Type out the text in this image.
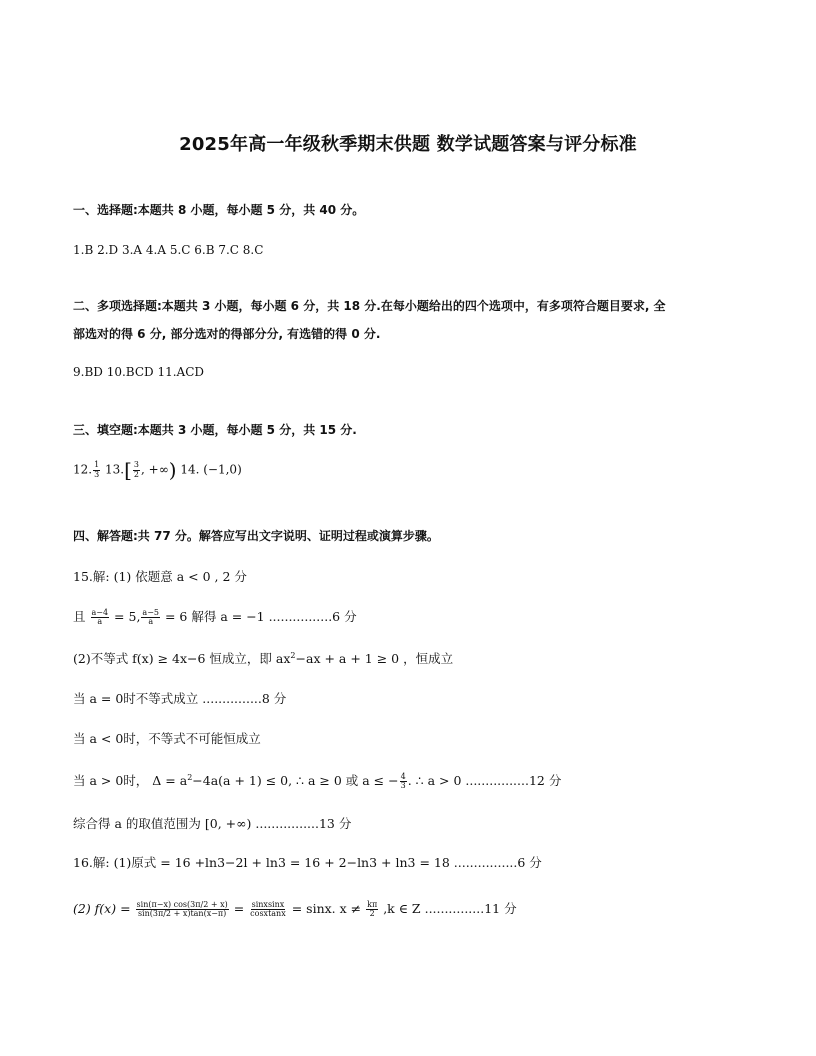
2025年高一年级秋季期末供题 数学试题答案与评分标准
一、选择题:本题共 8 小题，每小题 5 分，共 40 分。
1.B 2.D 3.A 4.A 5.C 6.B 7.C 8.C
二、多项选择题:本题共 3 小题，每小题 6 分，共 18 分.在每小题给出的四个选项中，有多项符合题目要求, 全
部选对的得 6 分, 部分选对的得部分分, 有选错的得 0 分.
9.BD 10.BCD 11.ACD
三、填空题:本题共 3 小题，每小题 5 分，共 15 分.
12. $\frac{1}{3} 13.[ \frac{3}{2}$ , +∞) 14. (−1,0)
四、解答题:共 77 分。解答应写出文字说明、证明过程或演算步骤。
15.解: (1) 依题意 a < 0 , 2 分
且 $\frac{a-4}{a} = 5$, $\frac{a-5}{a} = 6$ 解得 a = −1 ................6 分
(2)不等式 f(x) ≥ 4x−6 恒成立，即 $ax^2-ax + a + 1 \ge 0$ ，恒成立
当 a = 0时不等式成立 ...............8 分
当 a < 0时，不等式不可能恒成立
当 a > 0时， $\Delta = a^2-4a(a + 1) \le 0$, ∴ a ≥ 0 或 a ≤ − $\frac{4}{3}$ . ∴ a > 0 ................12 分
综合得 a 的取值范围为 [0, +∞) ................13 分
16.解: (1)原式 = 16 +ln3−2l + ln3 = 16 + 2−ln3 + ln3 = 18 ................6 分
(2) $f(x) = \frac{\sin(\pi-x) \cos(3\pi/2 + x)}{\sin(3\pi/2 + x)\tan(x-\pi)} = \frac{\text{sinxsinx}}{\text{cosxtanx}} = \sin x$. $x \ne \frac{k\pi}{2} ,k$ ∈ Z ...............11 分
